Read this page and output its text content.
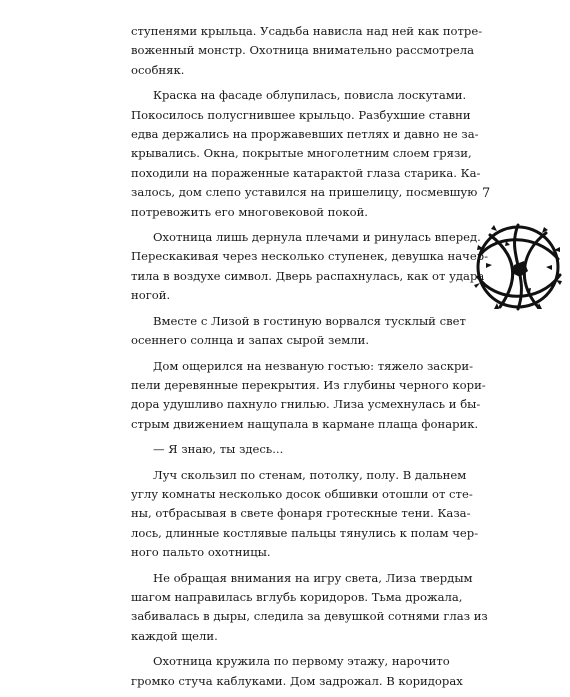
ступенями крыльца. Усадьба нависла над ней как потре-
воженный монстр. Охотница внимательно рассмотрела
особняк.

Краска на фасаде облупилась, повисла лоскутами.
Покосилось полусгнившее крыльцо. Разбухшие ставни
едва держались на проржавевших петлях и давно не за-
крывались. Окна, покрытые многолетним слоем грязи,
походили на пораженные катарактой глаза старика. Ка-
залось, дом слепо уставился на пришелицу, посмевшую
потревожить его многовековой покой.

Охотница лишь дернула плечами и ринулась вперед.
Перескакивая через несколько ступенек, девушка начер-
тила в воздухе символ. Дверь распахнулась, как от удара
ногой.

Вместе с Лизой в гостиную ворвался тусклый свет
осеннего солнца и запах сырой земли.

Дом ощерился на незваную гостью: тяжело заскри-
пели деревянные перекрытия. Из глубины черного кори-
дора удушливо пахнуло гнилью. Лиза усмехнулась и бы-
стрым движением нащупала в кармане плаща фонарик.

— Я знаю, ты здесь...

Луч скользил по стенам, потолку, полу. В дальнем
углу комнаты несколько досок обшивки отошли от сте-
ны, отбрасывая в свете фонаря гротескные тени. Каза-
лось, длинные костлявые пальцы тянулись к полам чер-
ного пальто охотницы.

Не обращая внимания на игру света, Лиза твердым
шагом направилась вглубь коридоров. Тьма дрожала,
забивалась в дыры, следила за девушкой сотнями глаз из
каждой щели.

Охотница кружила по первому этажу, нарочито
громко стуча каблуками. Дом задрожал. В коридорах

7
